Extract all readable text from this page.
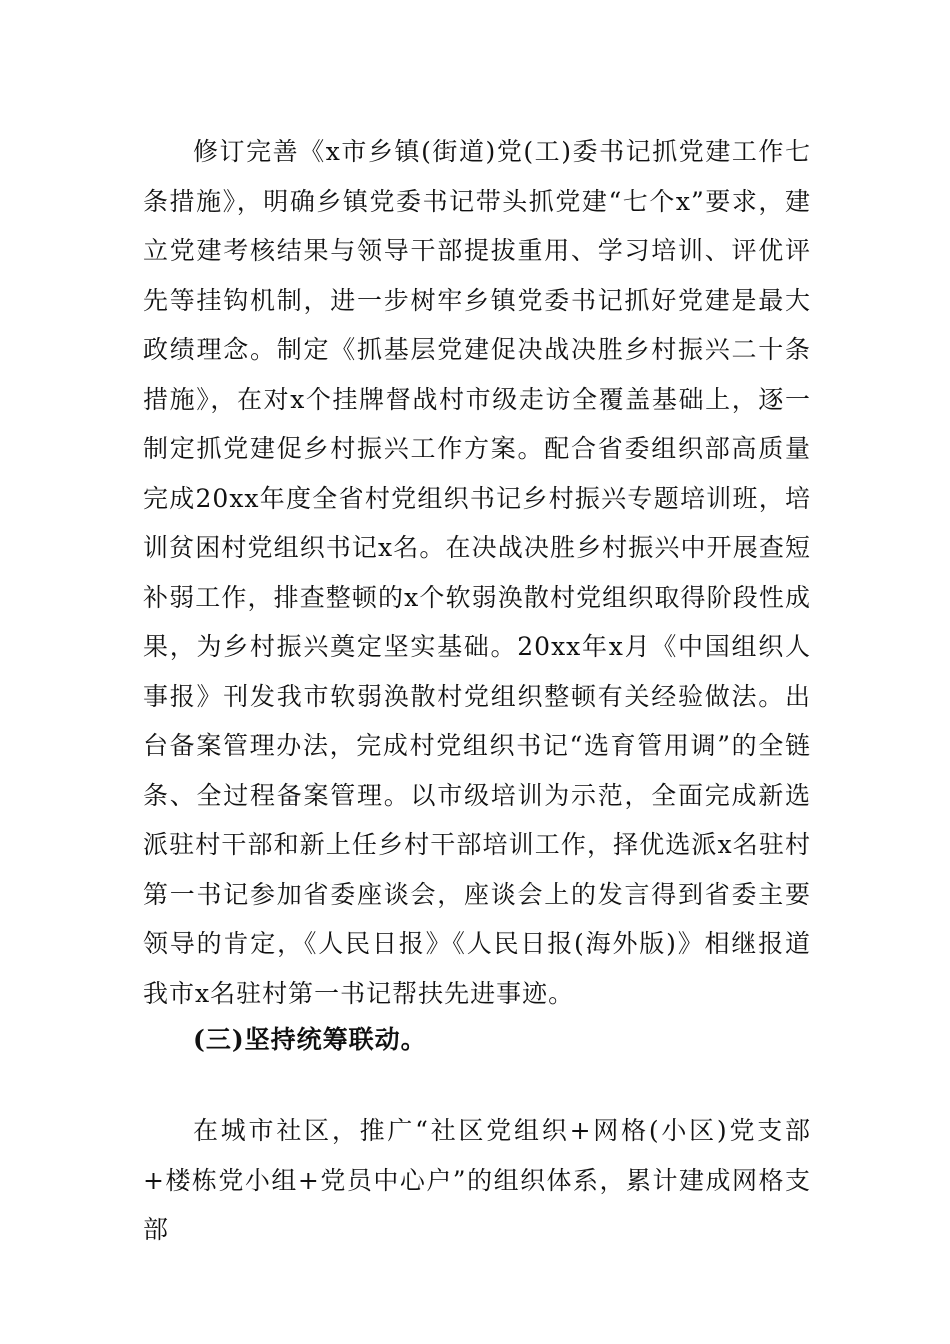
修订完善《x市乡镇(街道)党(工)委书记抓党建工作七条措施》，明确乡镇党委书记带头抓党建“七个x”要求，建立党建考核结果与领导干部提拔重用、学习培训、评优评先等挂钩机制，进一步树牢乡镇党委书记抓好党建是最大政绩理念。制定《抓基层党建促决战决胜乡村振兴二十条措施》，在对x个挂牌督战村市级走访全覆盖基础上，逐一制定抓党建促乡村振兴工作方案。配合省委组织部高质量完成20xx年度全省村党组织书记乡村振兴专题培训班，培训贫困村党组织书记x名。在决战决胜乡村振兴中开展查短补弱工作，排查整顿的x个软弱涣散村党组织取得阶段性成果，为乡村振兴奠定坚实基础。20xx年x月《中国组织人事报》刊发我市软弱涣散村党组织整顿有关经验做法。出台备案管理办法，完成村党组织书记“选育管用调”的全链条、全过程备案管理。以市级培训为示范，全面完成新选派驻村干部和新上任乡村干部培训工作，择优选派x名驻村第一书记参加省委座谈会，座谈会上的发言得到省委主要领导的肯定，《人民日报》《人民日报(海外版)》相继报道我市x名驻村第一书记帮扶先进事迹。

(三)坚持统筹联动。

在城市社区，推广“社区党组织+网格(小区)党支部+楼栋党小组+党员中心户”的组织体系，累计建成网格支部
